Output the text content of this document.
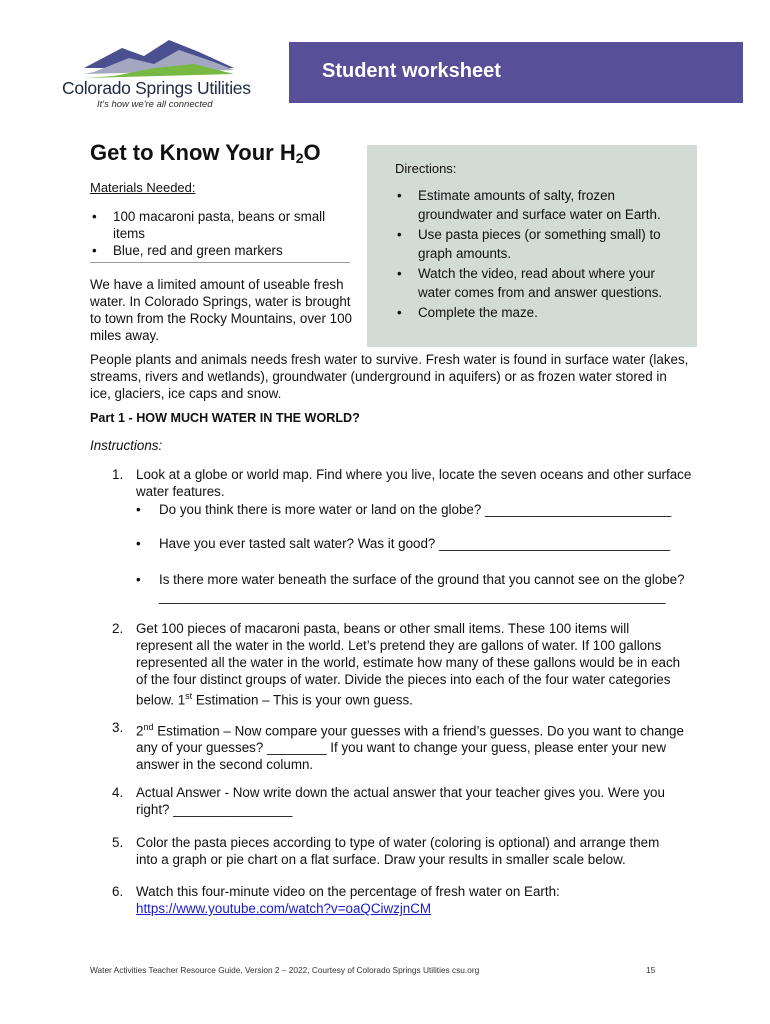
Colorado Springs Utilities
It's how we're all connected
Student worksheet
Get to Know Your $H_2O$
Directions:
• Estimate amounts of salty, frozen groundwater and surface water on Earth.
• Use pasta pieces (or something small) to graph amounts.
• Watch the video, read about where your water comes from and answer questions.
• Complete the maze.
Materials Needed:
• 100 macaroni pasta, beans or small items
• Blue, red and green markers
We have a limited amount of useable fresh water. In Colorado Springs, water is brought to town from the Rocky Mountains, over 100 miles away.
People plants and animals needs fresh water to survive. Fresh water is found in surface water (lakes, streams, rivers and wetlands), groundwater (underground in aquifers) or as frozen water stored in ice, glaciers, ice caps and snow.
Part 1 - HOW MUCH WATER IN THE WORLD?
Instructions:
1. Look at a globe or world map. Find where you live, locate the seven oceans and other surface water features.
• Do you think there is more water or land on the globe? _________________________
• Have you ever tasted salt water? Was it good? _______________________________
• Is there more water beneath the surface of the ground that you cannot see on the globe? ____________________________________________________________________
2. Get 100 pieces of macaroni pasta, beans or other small items. These 100 items will represent all the water in the world. Let’s pretend they are gallons of water. If 100 gallons represented all the water in the world, estimate how many of these gallons would be in each of the four distinct groups of water. Divide the pieces into each of the four water categories below. 1st Estimation – This is your own guess.
3. 2nd Estimation – Now compare your guesses with a friend’s guesses. Do you want to change any of your guesses? ________ If you want to change your guess, please enter your new answer in the second column.
4. Actual Answer - Now write down the actual answer that your teacher gives you. Were you right? ________________
5. Color the pasta pieces according to type of water (coloring is optional) and arrange them into a graph or pie chart on a flat surface. Draw your results in smaller scale below.
6. Watch this four-minute video on the percentage of fresh water on Earth:
https://www.youtube.com/watch?v=oaQCiwzjnCM
Water Activities Teacher Resource Guide, Version 2 – 2022, Courtesy of Colorado Springs Utilities csu.org	15
